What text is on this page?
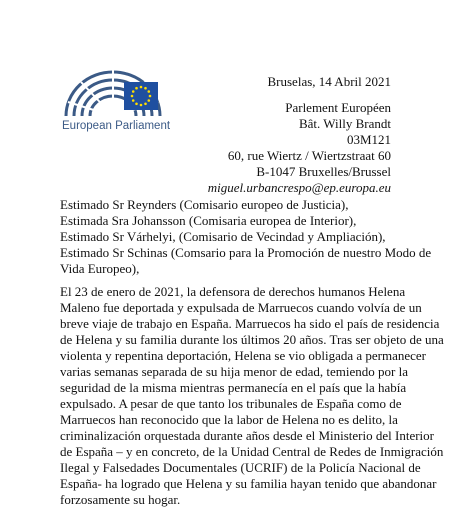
European Parliament
Bruselas, 14 Abril 2021
Parlement Européen
Bât. Willy Brandt
03M121
60, rue Wiertz / Wiertzstraat 60
B-1047 Bruxelles/Brussel
miguel.urbancrespo@ep.europa.eu
Estimado Sr Reynders (Comisario europeo de Justicia),
Estimada Sra Johansson (Comisaria europea de Interior),
Estimado Sr Várhelyi, (Comisario de Vecindad y Ampliación),
Estimado Sr Schinas (Comsario para la Promoción de nuestro Modo de
Vida Europeo),
El 23 de enero de 2021, la defensora de derechos humanos Helena
Maleno fue deportada y expulsada de Marruecos cuando volvía de un
breve viaje de trabajo en España. Marruecos ha sido el país de residencia
de Helena y su familia durante los últimos 20 años. Tras ser objeto de una
violenta y repentina deportación, Helena se vio obligada a permanecer
varias semanas separada de su hija menor de edad, temiendo por la
seguridad de la misma mientras permanecía en el país que la había
expulsado. A pesar de que tanto los tribunales de España como de
Marruecos han reconocido que la labor de Helena no es delito, la
criminalización orquestada durante años desde el Ministerio del Interior
de España – y en concreto, de la Unidad Central de Redes de Inmigración
Ilegal y Falsedades Documentales (UCRIF) de la Policía Nacional de
España- ha logrado que Helena y su familia hayan tenido que abandonar
forzosamente su hogar.
